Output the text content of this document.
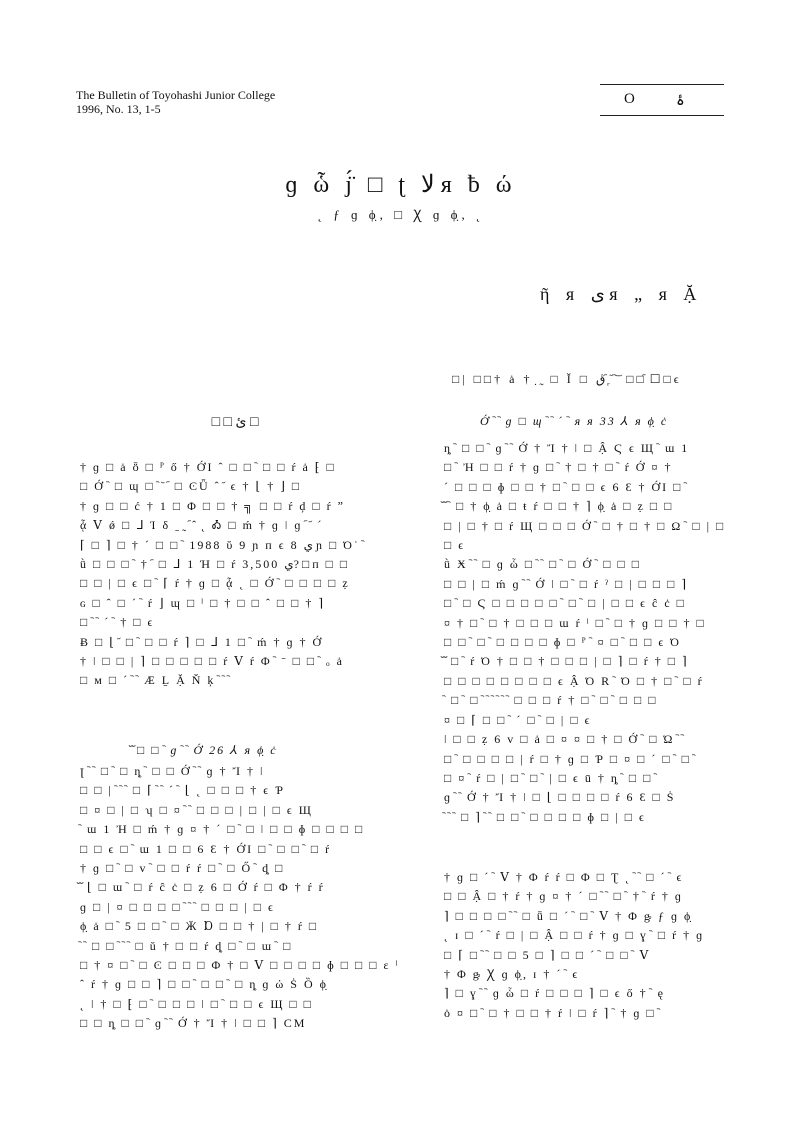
The Bulletin of Toyohashi Junior College
1996, No. 13, 1-5
Ο	ۂ
ɡ ὧ ȷ̈́ □ ʈ ﻻ я ƀ ώ
˛ ƒ ɡ ϕ̣, □ Ꭓ ɡ ϕ̣, ˛
ῆ я ى я „ я Ặ
□| □□† ȧ † ̣ ̰ □ Ĭ □ ڨ ᷇ ᷊ ᷉ ᷆ ᷅ ᷄ □ □ ᷇ ☐ □ ϵ
□ □ ئ □
† ɡ □ ȧ ȫ □ ᴾ ő † ỚΙ ˆ □ □ ᷆ □ □ ŕ ȧ ⁅ □
□ Ớ ᷆ □ ɰ □ ᷆ ᷅ ᷇ □ ϾǕ ˆ ᷄ ϵ † ⌊ † ⌋ □
† ɡ □ □ ć † 1 □ Φ □ □ † ╗ □ □ ŕ ḑ □ ŕ ˮ
ᾆ Ⅴ ǿ □ ᒧ Ί δ ˍ ̰ ᷇ ̂ ˛ Ꭳ □ ḿ † ɡ ǀ ɡ ᷇ ᷄ ˊ
⌈ □ ⌉ □ † ˊ □ □ ᷆ 1988 ῠ 9 ɲ ᴨ ϵ 8 ي ɲ □ Ό˙ ᷆
ǜ □ □ □ ᷆ † ᷇ □ ᒧ 1 Ή □ ŕ 3,500 ي? □ ᴨ □ □
□ □ | □ ϵ □ ᷆ ⌈ ŕ † ɡ □ ᾆ ˛ □ Ớ ᷆ □ □ □ □ ẓ
ɢ □ ˆ □ ˊ ᷆ ŕ ⌋ ɰ □ ˡ □ † □ □ ˆ □ □ † ⌉
□ ᷆ ᷆ ˊ ᷆ † □ ϵ
Ƀ □ ⌊ ᷄ □ ᷆ □ □ ŕ ⌉ □ ᒧ 1 □ ᷆ ḿ † ɡ † Ớ
† ǀ □ □ | ⌉ □ □ □ □ □ ŕ Ⅴ ŕ Φ ᷆ ˉ □ □ ᷆ ₒ ȧ
□ ᴍ □ ˊ ᷆ ᷆ Æ Ḻ Ặ Ň ķ ᷆ ᷆ ᷆
ᷓ □ □ ᷆ ɡ ᷆ ᷆ Ớ 26 ⅄ я ϕ̣ ċ
ꞁ ᷆ ᷆ □ ᷆ □ ȵ ᷆ □ □ Ớ ᷆ ᷆ ɡ † Ἴ † ǀ
□ □ | ᷆ ᷆ ᷆ □ ⌈ ᷆ ᷆ ˊ ᷆ ⌊ ˛ □ □ □ † ϵ Ƥ
□ ¤ □ | □ ʮ □ ¤ ᷆ ᷆ □ □ □ | □ | □ ϵ Щ
᷆ ɯ 1 Ἠ □ ḿ † ɡ ¤ † ˊ □ ᷆ □ ǀ □ □ ɸ □ □ □ □
□ □ ϵ □ ᷆ ɯ 1 □ □ 6 Ɛ † ỚΙ □ ᷆ □ □ ᷆ □ ŕ
† ɡ □ ᷆ □ ᴠ ᷆ □ □ ŕ ŕ □ ᷆ □ Ő ᷆ ȡ □
ᷓ ⌊ □ ɯ ᷆ □ ŕ ĉ ċ □ ẓ 6 □ Ớ ŕ □ Φ † ŕ ŕ
ɡ □ | ¤ □ □ □ □ ᷆ ᷆ ᷆ □ □ □ | □ ϵ
ϕ̣ ȧ □ ᷆ 5 □ □ ᷆ □ Ӝ Ɒ □ □ † | □ † ŕ □
᷆ ᷆ □ □ ᷆ ᷆ ᷆ □ ŭ † □ □ ŕ ȡ □ ᷆ □ ɯ ᷆ □
□ † ¤ □ ᷆ □ Ͼ □ □ □ Φ † □ Ⅴ □ □ □ □ ɸ □ □ □ ɛ ˡ
ˆ ŕ † ɡ □ □ ⌉ □ □ ᷆ □ □ ᷆ □ ȵ ɡ ώ Ṡ Ȍ ϕ̣
˛ ǀ † □ ⁅ □ ᷆ □ □ □ ǀ □ ᷆ □ □ ϵ Щ □ □
□ □ ȵ □ □ ᷆ ɡ ᷆ ᷆ Ớ † Ἴ † ǀ □ □ ⌉ CM
Ớ ᷆ ᷆ ɡ □ ɰ ᷆ ᷆ ˊ ᷆ я я 33 ⅄ я ϕ̣ ċ
ȵ ᷆ □ □ ᷆ ɡ ᷆ ᷆ Ớ † Ἴ † ǀ □ Ậ Ϛ ϵ Щ ᷆ ɯ 1
□ ᷆ Ἠ □ □ ŕ † ɡ □ ᷆ † □ † □ ᷆ ŕ Ớ ¤ †
ˊ □ □ □ ɸ □ □ † □ ᷆ □ □ ϵ 6 Ɛ † ỚΙ □ ᷆
ᷓ ᷆ □ † ϕ̣ ȧ □ ŧ ŕ □ □ † ⌉ ϕ̣ ȧ □ ẓ □ □
□ | □ † □ ŕ Щ □ □ □ Ớ ᷆ □ † □ † □ Ω ᷆ □ | □
□ ϵ
ǜ Ӿ ᷆ ᷆ □ ɡ ὧ □ ᷆ ᷆ □ ᷆ □ Ớ ᷆ □ □ □
□ □ | □ ḿ ɡ ᷆ ᷆ Ớ ǀ □ ᷆ □ ŕ ˀ □ | □ □ □ ⌉
□ ᷆ □ Ϛ □ □ □ □ □ ᷆ □ ᷆ □ | □ □ ϵ ĉ ċ □
¤ † □ ᷆ □ † □ □ □ ɯ ŕ ˡ □ ᷆ □ † ɡ □ □ † □
□ □ ᷆ □ ᷆ □ □ □ □ ɸ □ ᴾ ᷆ ¤ □ ᷆ □ □ ϵ Ό
ᷓ □ ᷆ ŕ Ό † □ □ † □ □ □ | □ ⌉ □ ŕ † □ ⌉
□ □ □ □ □ □ □ □ ϵ Ậ Ό R ᷆ Ό □ † □ ᷆ □ ŕ
᷆ □ ᷆ □ ᷆ ᷆ ᷆ ᷆ ᷆ ᷆ □ □ □ ŕ † □ ᷆ □ ᷆ □ □ □
¤ □ ⌈ □ □ ᷆ ˊ □ ᷆ □ | □ ϵ
ǀ □ □ ẓ 6 ᴠ □ ȧ □ ¤ ¤ □ † □ Ớ ᷆ □ Ώ ᷆ ᷆
□ ᷆ □ □ □ □ | ŕ □ † ɡ □ Ƥ □ ¤ □ ˊ □ ᷆ □ ᷆
□ ¤ ᷆ ŕ □ | □ ᷆ □ ᷆ | □ ϵ ū † ȵ ᷆ □ □ ᷆
ɡ ᷆ ᷆ Ớ † Ἴ † ǀ □ ⌊ □ □ □ □ ŕ 6 Ɛ □ Ṡ
᷆ ᷆ ᷆ □ ⌉ ᷆ ᷆ □ □ ᷆ □ □ □ □ ɸ □ | □ ϵ
† ɡ □ ˊ ᷆ Ⅴ † Φ ŕ ŕ □ Φ □ Ʈ ˛ ᷆ ᷆ □ ˊ ᷆ ϵ
□ □ Ậ □ † ŕ † ɡ ¤ † ˊ □ ᷆ ᷆ □ ᷆ † ᷆ ŕ † ɡ
⌉ □ □ □ □ ᷆ ᷆ □ ǖ □ ˊ ᷆ □ ᷆ Ⅴ † Φ ᶃ ƒ ɡ ϕ̣
˛ ɪ □ ˊ ᷆ ŕ □ | □ Ậ □ □ ŕ † ɡ □ ɣ ᷆ □ ŕ † ɡ
□ ⌈ □ ᷆ ᷆ □ □ 5 □ ⌉ □ □ ˊ ᷆ □ □ ᷆ Ⅴ
† Φ ᶃ Ꭓ ɡ ϕ̣, ɪ † ˊ ᷆ ϵ
⌉ □ ɣ ᷆ ᷆ ɡ ὧ □ ŕ □ □ □ ⌉ □ ϵ ő † ᷆ ę
ȯ ¤ □ ᷆ □ † □ □ † ŕ ǀ □ ŕ ⌉ ᷆ † ɡ □ ᷆
